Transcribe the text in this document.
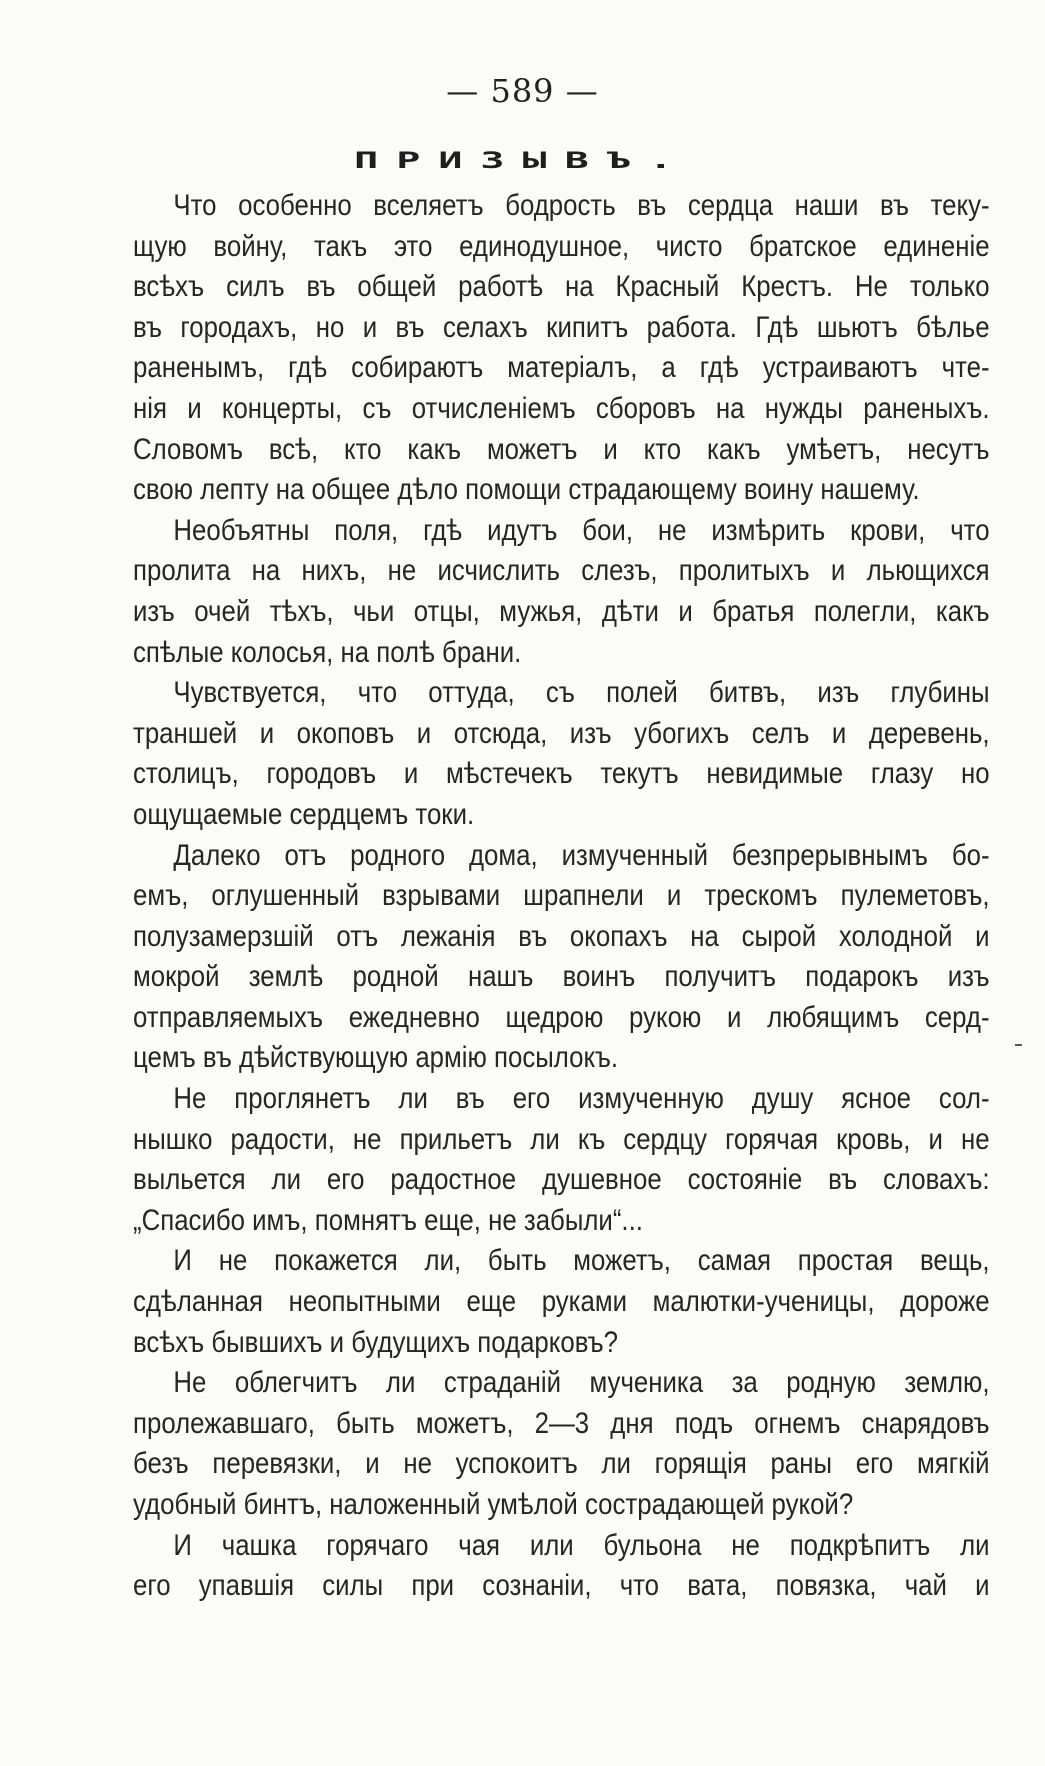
— 589 —
ПРИЗЫВЪ.
Что особенно вселяетъ бодрость въ сердца наши въ теку-
щую войну, такъ это единодушное, чисто братское единеніе
всѣхъ силъ въ общей работѣ на Красный Крестъ. Не только
въ городахъ, но и въ селахъ кипитъ работа. Гдѣ шьютъ бѣлье
раненымъ, гдѣ собираютъ матеріалъ, а гдѣ устраиваютъ чте-
нія и концерты, съ отчисленіемъ сборовъ на нужды раненыхъ.
Словомъ всѣ, кто какъ можетъ и кто какъ умѣетъ, несутъ
свою лепту на общее дѣло помощи страдающему воину нашему.
Необъятны поля, гдѣ идутъ бои, не измѣрить крови, что
пролита на нихъ, не исчислить слезъ, пролитыхъ и льющихся
изъ очей тѣхъ, чьи отцы, мужья, дѣти и братья полегли, какъ
спѣлые колосья, на полѣ брани.
Чувствуется, что оттуда, съ полей битвъ, изъ глубины
траншей и окоповъ и отсюда, изъ убогихъ селъ и деревень,
столицъ, городовъ и мѣстечекъ текутъ невидимые глазу но
ощущаемые сердцемъ токи.
Далеко отъ родного дома, измученный безпрерывнымъ бо-
емъ, оглушенный взрывами шрапнели и трескомъ пулеметовъ,
полузамерзшій отъ лежанія въ окопахъ на сырой холодной и
мокрой землѣ родной нашъ воинъ получитъ подарокъ изъ
отправляемыхъ ежедневно щедрою рукою и любящимъ серд-
цемъ въ дѣйствующую армію посылокъ.
Не проглянетъ ли въ его измученную душу ясное сол-
нышко радости, не прильетъ ли къ сердцу горячая кровь, и не
выльется ли его радостное душевное состояніе въ словахъ:
„Спасибо имъ, помнятъ еще, не забыли“...
И не покажется ли, быть можетъ, самая простая вещь,
сдѣланная неопытными еще руками малютки-ученицы, дороже
всѣхъ бывшихъ и будущихъ подарковъ?
Не облегчитъ ли страданій мученика за родную землю,
пролежавшаго, быть можетъ, 2—3 дня подъ огнемъ снарядовъ
безъ перевязки, и не успокоитъ ли горящія раны его мягкій
удобный бинтъ, наложенный умѣлой сострадающей рукой?
И чашка горячаго чая или бульона не подкрѣпитъ ли
его упавшія силы при сознаніи, что вата, повязка, чай и
